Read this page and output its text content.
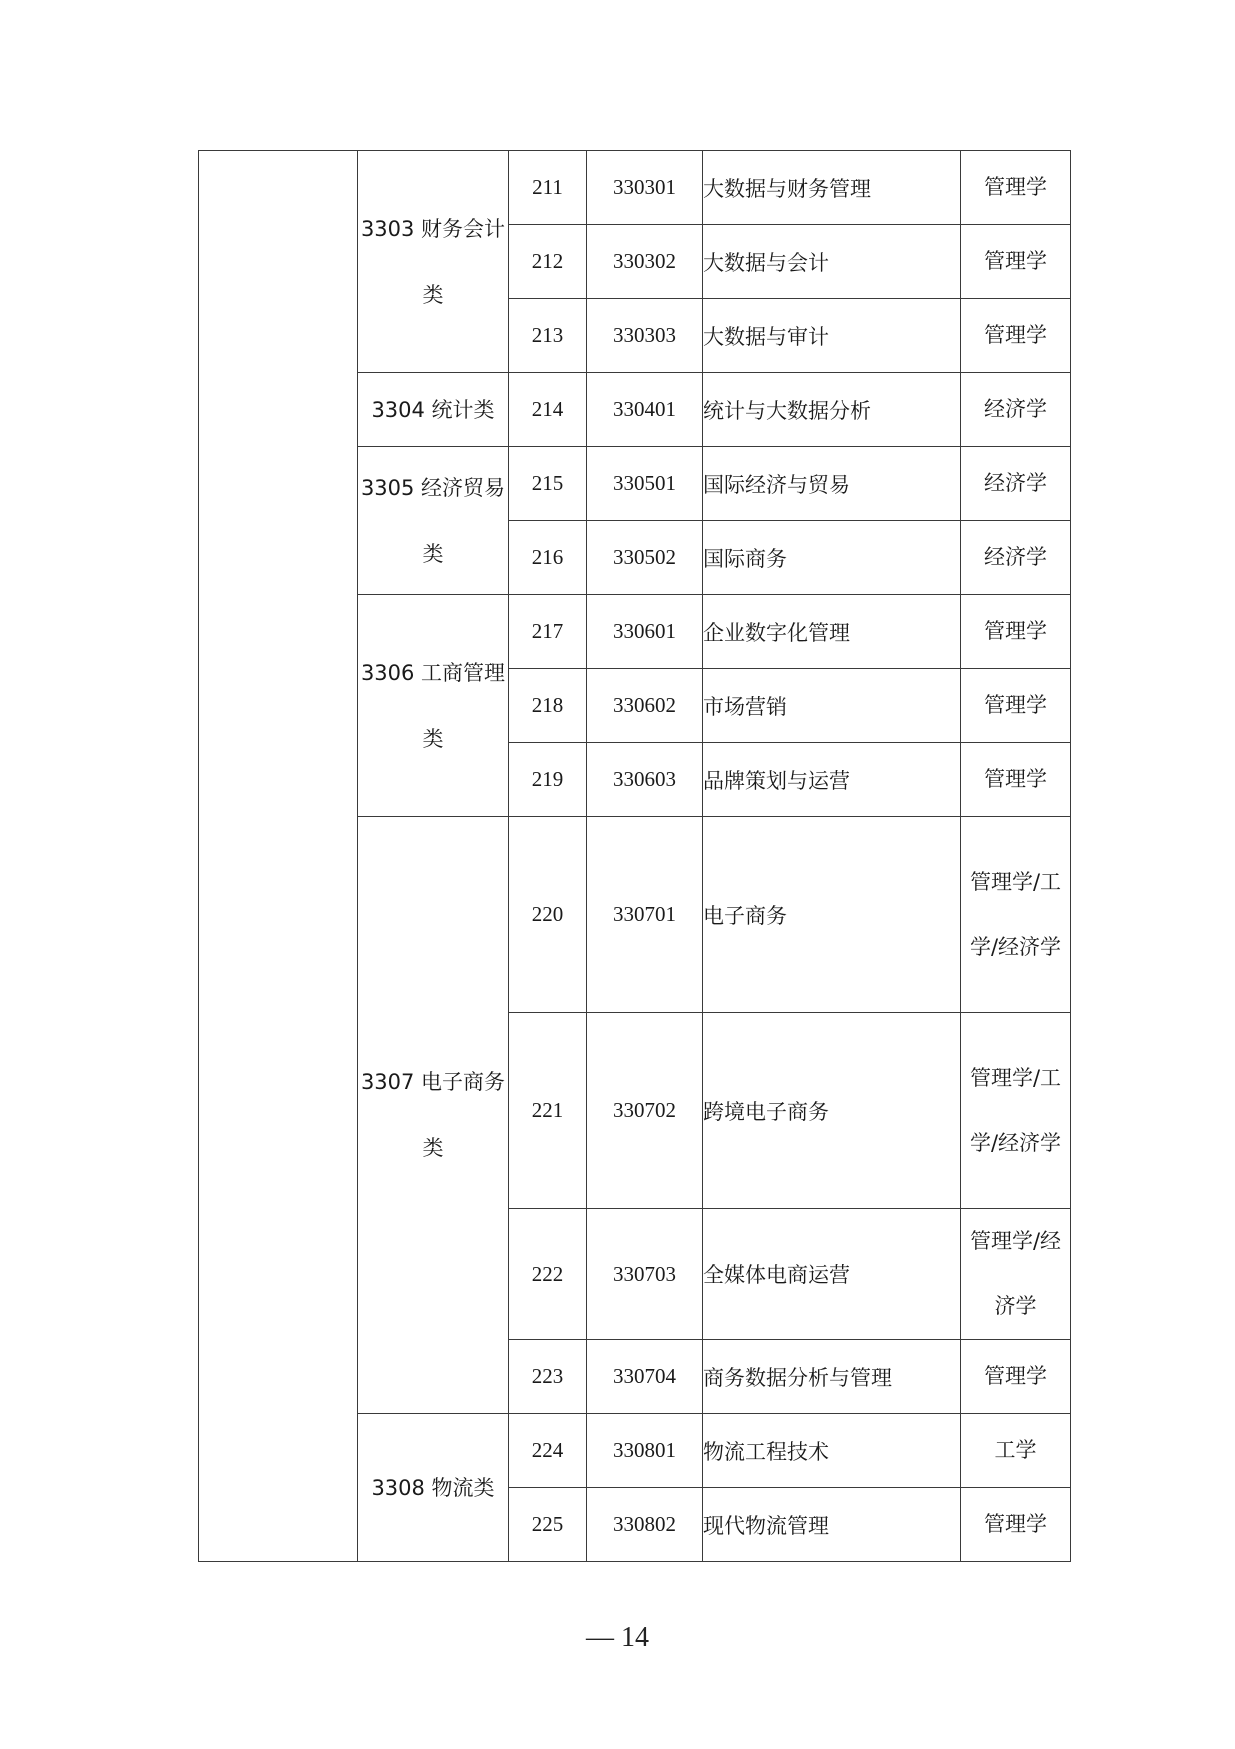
	3303 财务会计类	211	330301	大数据与财务管理	管理学
		212	330302	大数据与会计	管理学
		213	330303	大数据与审计	管理学
	3304 统计类	214	330401	统计与大数据分析	经济学
	3305 经济贸易类	215	330501	国际经济与贸易	经济学
		216	330502	国际商务	经济学
	3306 工商管理类	217	330601	企业数字化管理	管理学
		218	330602	市场营销	管理学
		219	330603	品牌策划与运营	管理学
	3307 电子商务类	220	330701	电子商务	管理学/工学/经济学
		221	330702	跨境电子商务	管理学/工学/经济学
		222	330703	全媒体电商运营	管理学/经济学
		223	330704	商务数据分析与管理	管理学
	3308 物流类	224	330801	物流工程技术	工学
		225	330802	现代物流管理	管理学
— 14
